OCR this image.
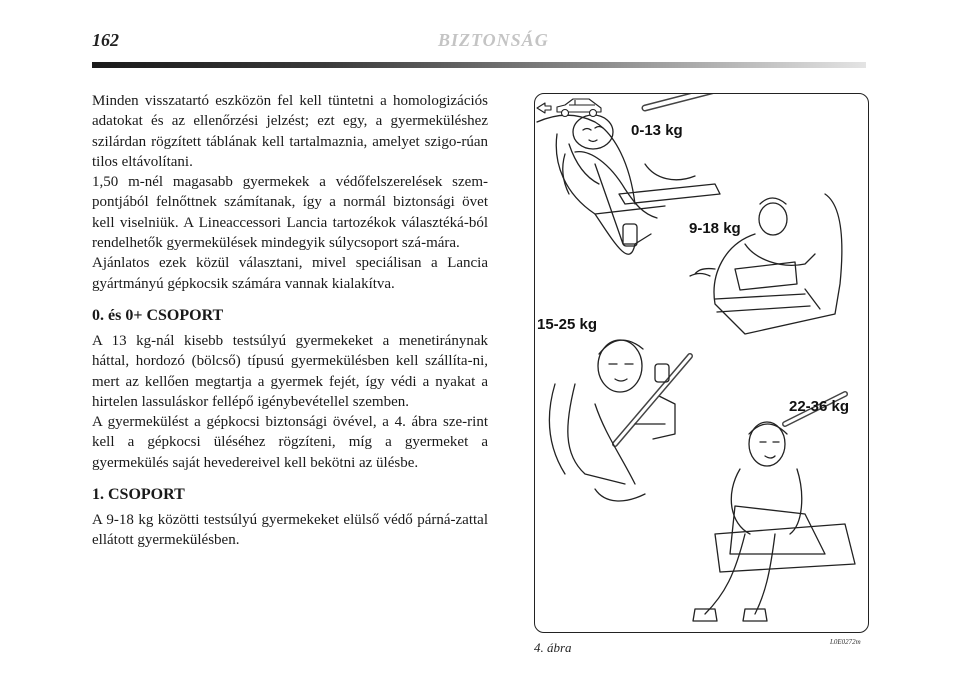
162	BIZTONSÁG

Minden visszatartó eszközön fel kell tüntetni a homologizációs adatokat és az ellenőrzési jelzést; ezt egy, a gyermeküléshez szilárdan rögzített táblának kell tartalmaznia, amelyet szigo-rúan tilos eltávolítani.

1,50 m-nél magasabb gyermekek a védőfelszerelések szem-pontjából felnőttnek számítanak, így a normál biztonsági övet kell viselniük. A Lineaccessori Lancia tartozékok választéká-ból rendelhetők gyermekülések mindegyik súlycsoport szá-mára.

Ajánlatos ezek közül választani, mivel speciálisan a Lancia gyártmányú gépkocsik számára vannak kialakítva.

0. és 0+ CSOPORT

A 13 kg-nál kisebb testsúlyú gyermekeket a menetiránynak háttal, hordozó (bölcső) típusú gyermekülésben kell szállíta-ni, mert az kellően megtartja a gyermek fejét, így védi a nyakat a hirtelen lassuláskor fellépő igénybevétellel szemben.

A gyermekülést a gépkocsi biztonsági övével, a 4. ábra sze-rint kell a gépkocsi üléséhez rögzíteni, míg a gyermeket a gyermekülés saját hevedereivel kell bekötni az ülésbe.

1. CSOPORT

A 9-18 kg közötti testsúlyú gyermekeket elülső védő párná-zattal ellátott gyermekülésben.

0-13 kg
9-18 kg
15-25 kg
22-36 kg
L0E0272m
4. ábra
